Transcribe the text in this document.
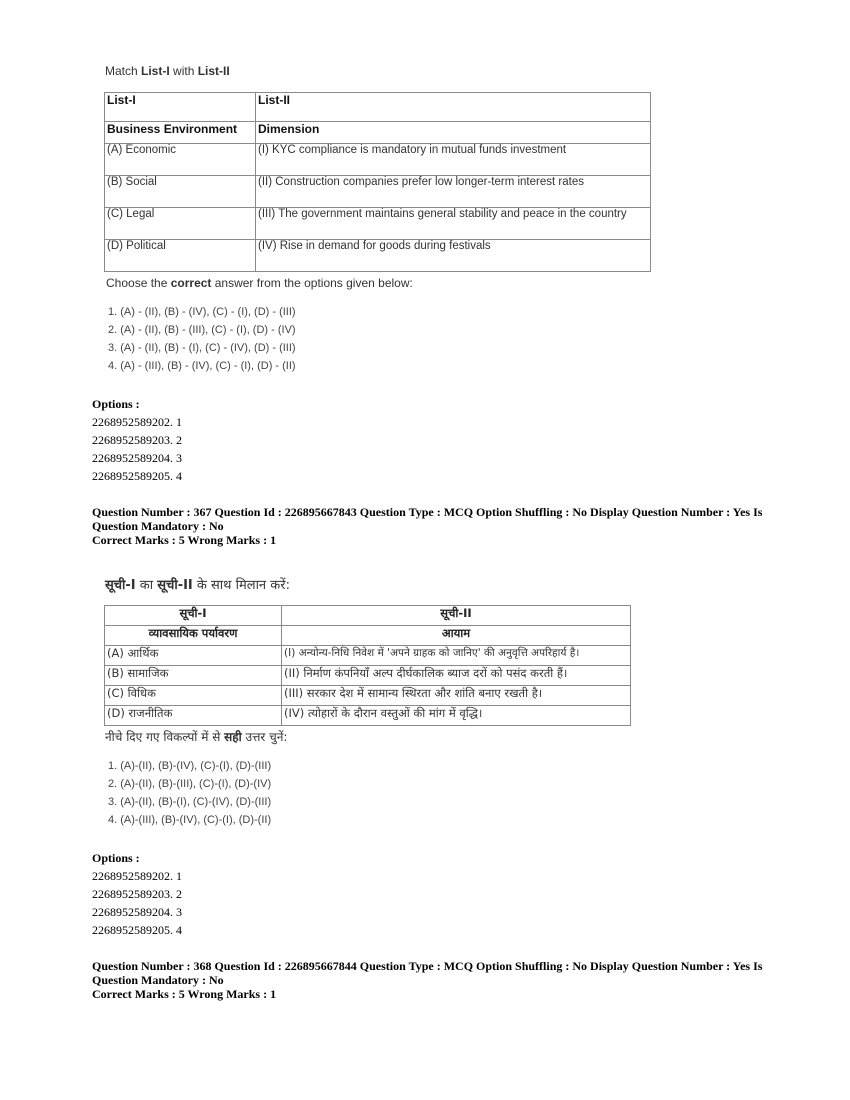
Match List-I with List-II
List-I	List-II
Business Environment	Dimension
(A) Economic	(I) KYC compliance is mandatory in mutual funds investment
(B) Social	(II) Construction companies prefer low longer-term interest rates
(C) Legal	(III) The government maintains general stability and peace in the country
(D) Political	(IV) Rise in demand for goods during festivals
Choose the correct answer from the options given below:
1. (A) - (II), (B) - (IV), (C) - (I), (D) - (III)
2. (A) - (II), (B) - (III), (C) - (I), (D) - (IV)
3. (A) - (II), (B) - (I), (C) - (IV), (D) - (III)
4. (A) - (III), (B) - (IV), (C) - (I), (D) - (II)
Options :
2268952589202. 1
2268952589203. 2
2268952589204. 3
2268952589205. 4
Question Number : 367 Question Id : 226895667843 Question Type : MCQ Option Shuffling : No Display Question Number : Yes Is
Question Mandatory : No
Correct Marks : 5 Wrong Marks : 1
सूची-I का सूची-II के साथ मिलान करें:
सूची-I	सूची-II
व्यावसायिक पर्यावरण	आयाम
(A) आर्थिक	(I) अन्योन्य-निधि निवेश में 'अपने ग्राहक को जानिए' की अनुवृत्ति अपरिहार्य है।
(B) सामाजिक	(II) निर्माण कंपनियाँ अल्प दीर्घकालिक ब्याज दरों को पसंद करती हैं।
(C) विधिक	(III) सरकार देश में सामान्य स्थिरता और शांति बनाए रखती है।
(D) राजनीतिक	(IV) त्योहारों के दौरान वस्तुओं की मांग में वृद्धि।
नीचे दिए गए विकल्पों में से सही उत्तर चुनें:
1. (A)-(II), (B)-(IV), (C)-(I), (D)-(III)
2. (A)-(II), (B)-(III), (C)-(I), (D)-(IV)
3. (A)-(II), (B)-(I), (C)-(IV), (D)-(III)
4. (A)-(III), (B)-(IV), (C)-(I), (D)-(II)
Options :
2268952589202. 1
2268952589203. 2
2268952589204. 3
2268952589205. 4
Question Number : 368 Question Id : 226895667844 Question Type : MCQ Option Shuffling : No Display Question Number : Yes Is
Question Mandatory : No
Correct Marks : 5 Wrong Marks : 1
